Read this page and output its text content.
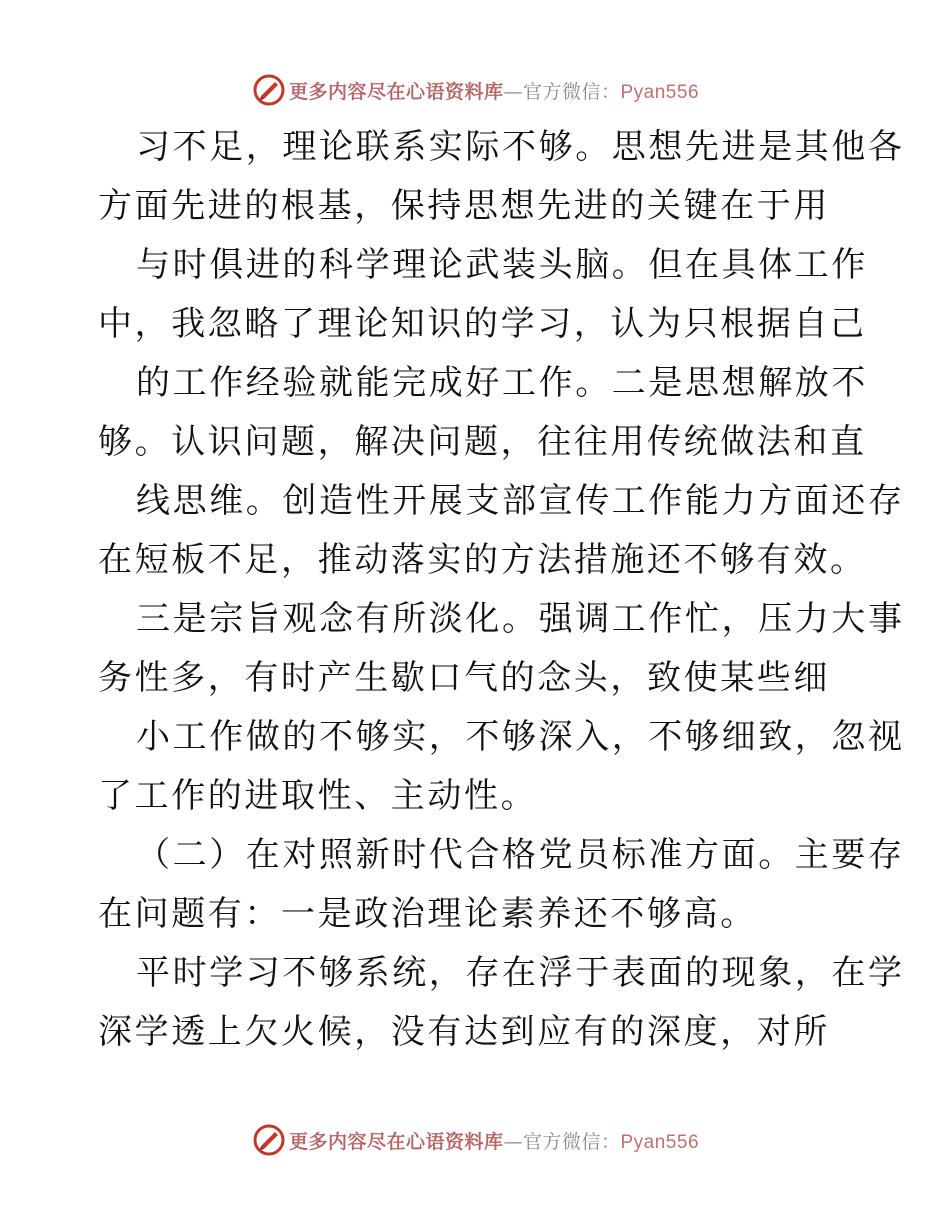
更多内容尽在心语资料库—官方微信：Pyan556
习不足，理论联系实际不够。思想先进是其他各
方面先进的根基，保持思想先进的关键在于用
与时俱进的科学理论武装头脑。但在具体工作
中，我忽略了理论知识的学习，认为只根据自己
的工作经验就能完成好工作。二是思想解放不
够。认识问题，解决问题，往往用传统做法和直
线思维。创造性开展支部宣传工作能力方面还存
在短板不足，推动落实的方法措施还不够有效。
三是宗旨观念有所淡化。强调工作忙，压力大事
务性多，有时产生歇口气的念头，致使某些细
小工作做的不够实，不够深入，不够细致，忽视
了工作的进取性、主动性。
（二）在对照新时代合格党员标准方面。主要存
在问题有：一是政治理论素养还不够高。
平时学习不够系统，存在浮于表面的现象，在学
深学透上欠火候，没有达到应有的深度，对所
更多内容尽在心语资料库—官方微信：Pyan556
